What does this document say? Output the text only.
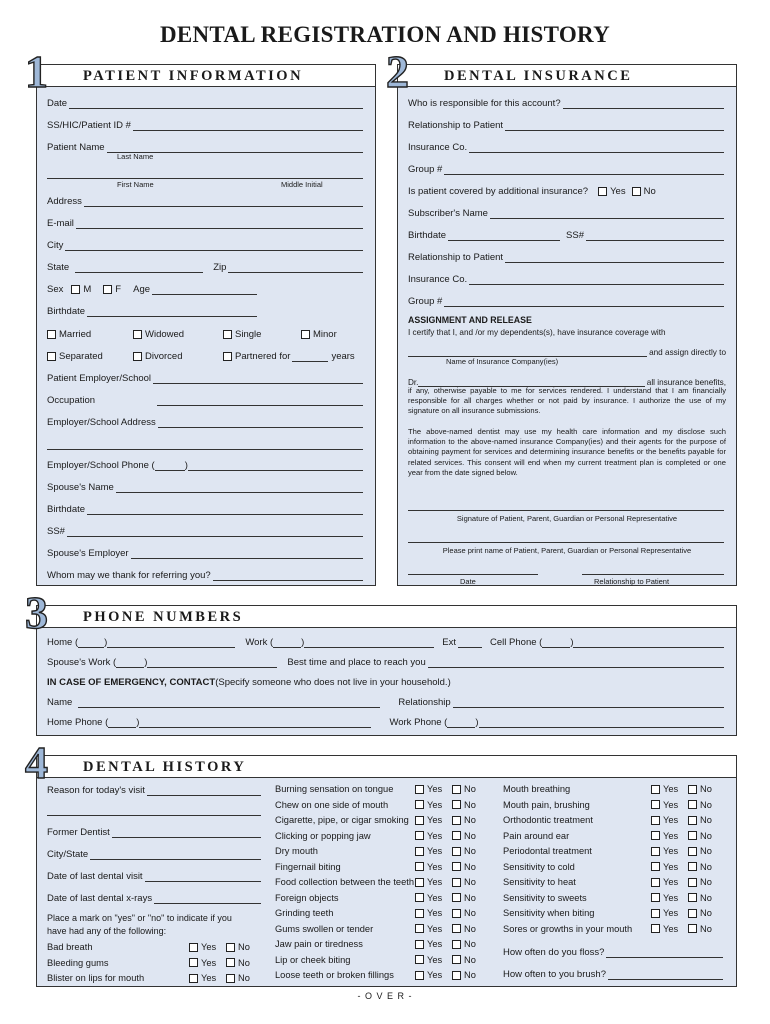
DENTAL REGISTRATION AND HISTORY
1 PATIENT INFORMATION
Date
SS/HIC/Patient ID #
Patient Name
Last Name
First Name	Middle Initial
Address
E-mail
City
State	Zip
Sex M	F Age
Birthdate
Married	Widowed	Single	Minor
Separated	Divorced	Partnered for	years
Patient Employer/School
Occupation
Employer/School Address
Employer/School Phone (	)
Spouse's Name
Birthdate
SS#
Spouse's Employer
Whom may we thank for referring you?
2 DENTAL INSURANCE
Who is responsible for this account?
Relationship to Patient
Insurance Co.
Group #
Is patient covered by additional insurance? Yes No
Subscriber's Name
Birthdate	SS#
Relationship to Patient
Insurance Co.
Group #
ASSIGNMENT AND RELEASE
I certify that I, and /or my dependents(s), have insurance coverage with
and assign directly to
Name of Insurance Company(ies)
Dr.	all insurance benefits,
if any, otherwise payable to me for services rendered. I understand that I am financially responsible for all charges whether or not paid by insurance. I authorize the use of my signature on all insurance submissions.
The above-named dentist may use my health care information and my disclose such information to the above-named insurance Company(ies) and their agents for the purpose of obtaining payment for services and determining insurance benefits or the benefits payable for related services. This consent will end when my current treatment plan is completed or one year from the date signed below.
Signature of Patient, Parent, Guardian or Personal Representative
Please print name of Patient, Parent, Guardian or Personal Representative
Date	Relationship to Patient
3 PHONE NUMBERS
Home (	)	Work (	)	Ext	Cell Phone (	)
Spouse's Work (	)	Best time and place to reach you
IN CASE OF EMERGENCY, CONTACT (Specify someone who does not live in your household.)
Name	Relationship
Home Phone (	)	Work Phone (	)
4 DENTAL HISTORY
Reason for today's visit
Former Dentist
City/State
Date of last dental visit
Date of last dental x-rays
Place a mark on "yes" or "no" to indicate if you
have had any of the following:
Bad breath	Yes No
Bleeding gums	Yes No
Blister on lips for mouth	Yes No
Burning sensation on tongue	Yes No
Chew on one side of mouth	Yes No
Cigarette, pipe, or cigar smoking	Yes No
Clicking or popping jaw	Yes No
Dry mouth	Yes No
Fingernail biting	Yes No
Food collection between the teeth Yes No
Foreign objects	Yes No
Grinding teeth	Yes No
Gums swollen or tender	Yes No
Jaw pain or tiredness	Yes No
Lip or cheek biting	Yes No
Loose teeth or broken fillings	Yes No
Mouth breathing	Yes No
Mouth pain, brushing	Yes No
Orthodontic treatment	Yes No
Pain around ear	Yes No
Periodontal treatment	Yes No
Sensitivity to cold	Yes No
Sensitivity to heat	Yes No
Sensitivity to sweets	Yes No
Sensitivity when biting	Yes No
Sores or growths in your mouth	Yes No
How often do you floss?
How often to you brush?
- O V E R -
